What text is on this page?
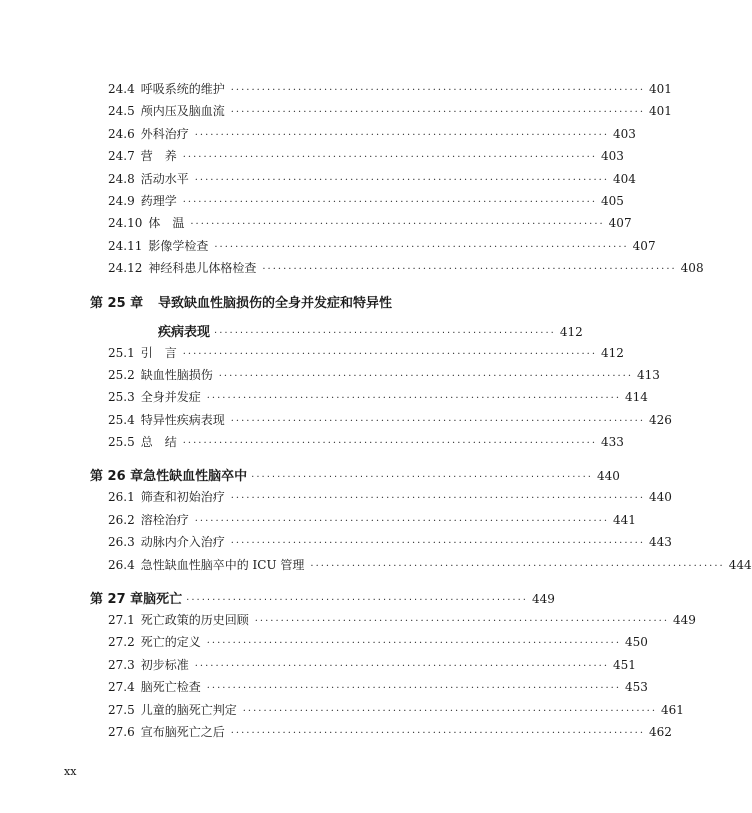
24.4 呼吸系统的维护 ················································································ 401
24.5 颅内压及脑血流 ················································································ 401
24.6 外科治疗 ················································································ 403
24.7 营　养 ················································································ 403
24.8 活动水平 ················································································ 404
24.9 药理学 ················································································ 405
24.10 体　温 ················································································ 407
24.11 影像学检查 ················································································ 407
24.12 神经科患儿体格检查 ················································································ 408
第 25 章	导致缺血性脑损伤的全身并发症和特异性
疾病表现 ·································································· 412
25.1 引　言 ················································································ 412
25.2 缺血性脑损伤 ················································································ 413
25.3 全身并发症 ················································································ 414
25.4 特异性疾病表现 ················································································ 426
25.5 总　结 ················································································ 433
第 26 章 急性缺血性脑卒中 ·································································· 440
26.1 筛查和初始治疗 ················································································ 440
26.2 溶栓治疗 ················································································ 441
26.3 动脉内介入治疗 ················································································ 443
26.4 急性缺血性脑卒中的 ICU 管理 ················································································ 444
第 27 章 脑死亡 ·································································· 449
27.1 死亡政策的历史回顾 ················································································ 449
27.2 死亡的定义 ················································································ 450
27.3 初步标准 ················································································ 451
27.4 脑死亡检查 ················································································ 453
27.5 儿童的脑死亡判定 ················································································ 461
27.6 宣布脑死亡之后 ················································································ 462
xx
